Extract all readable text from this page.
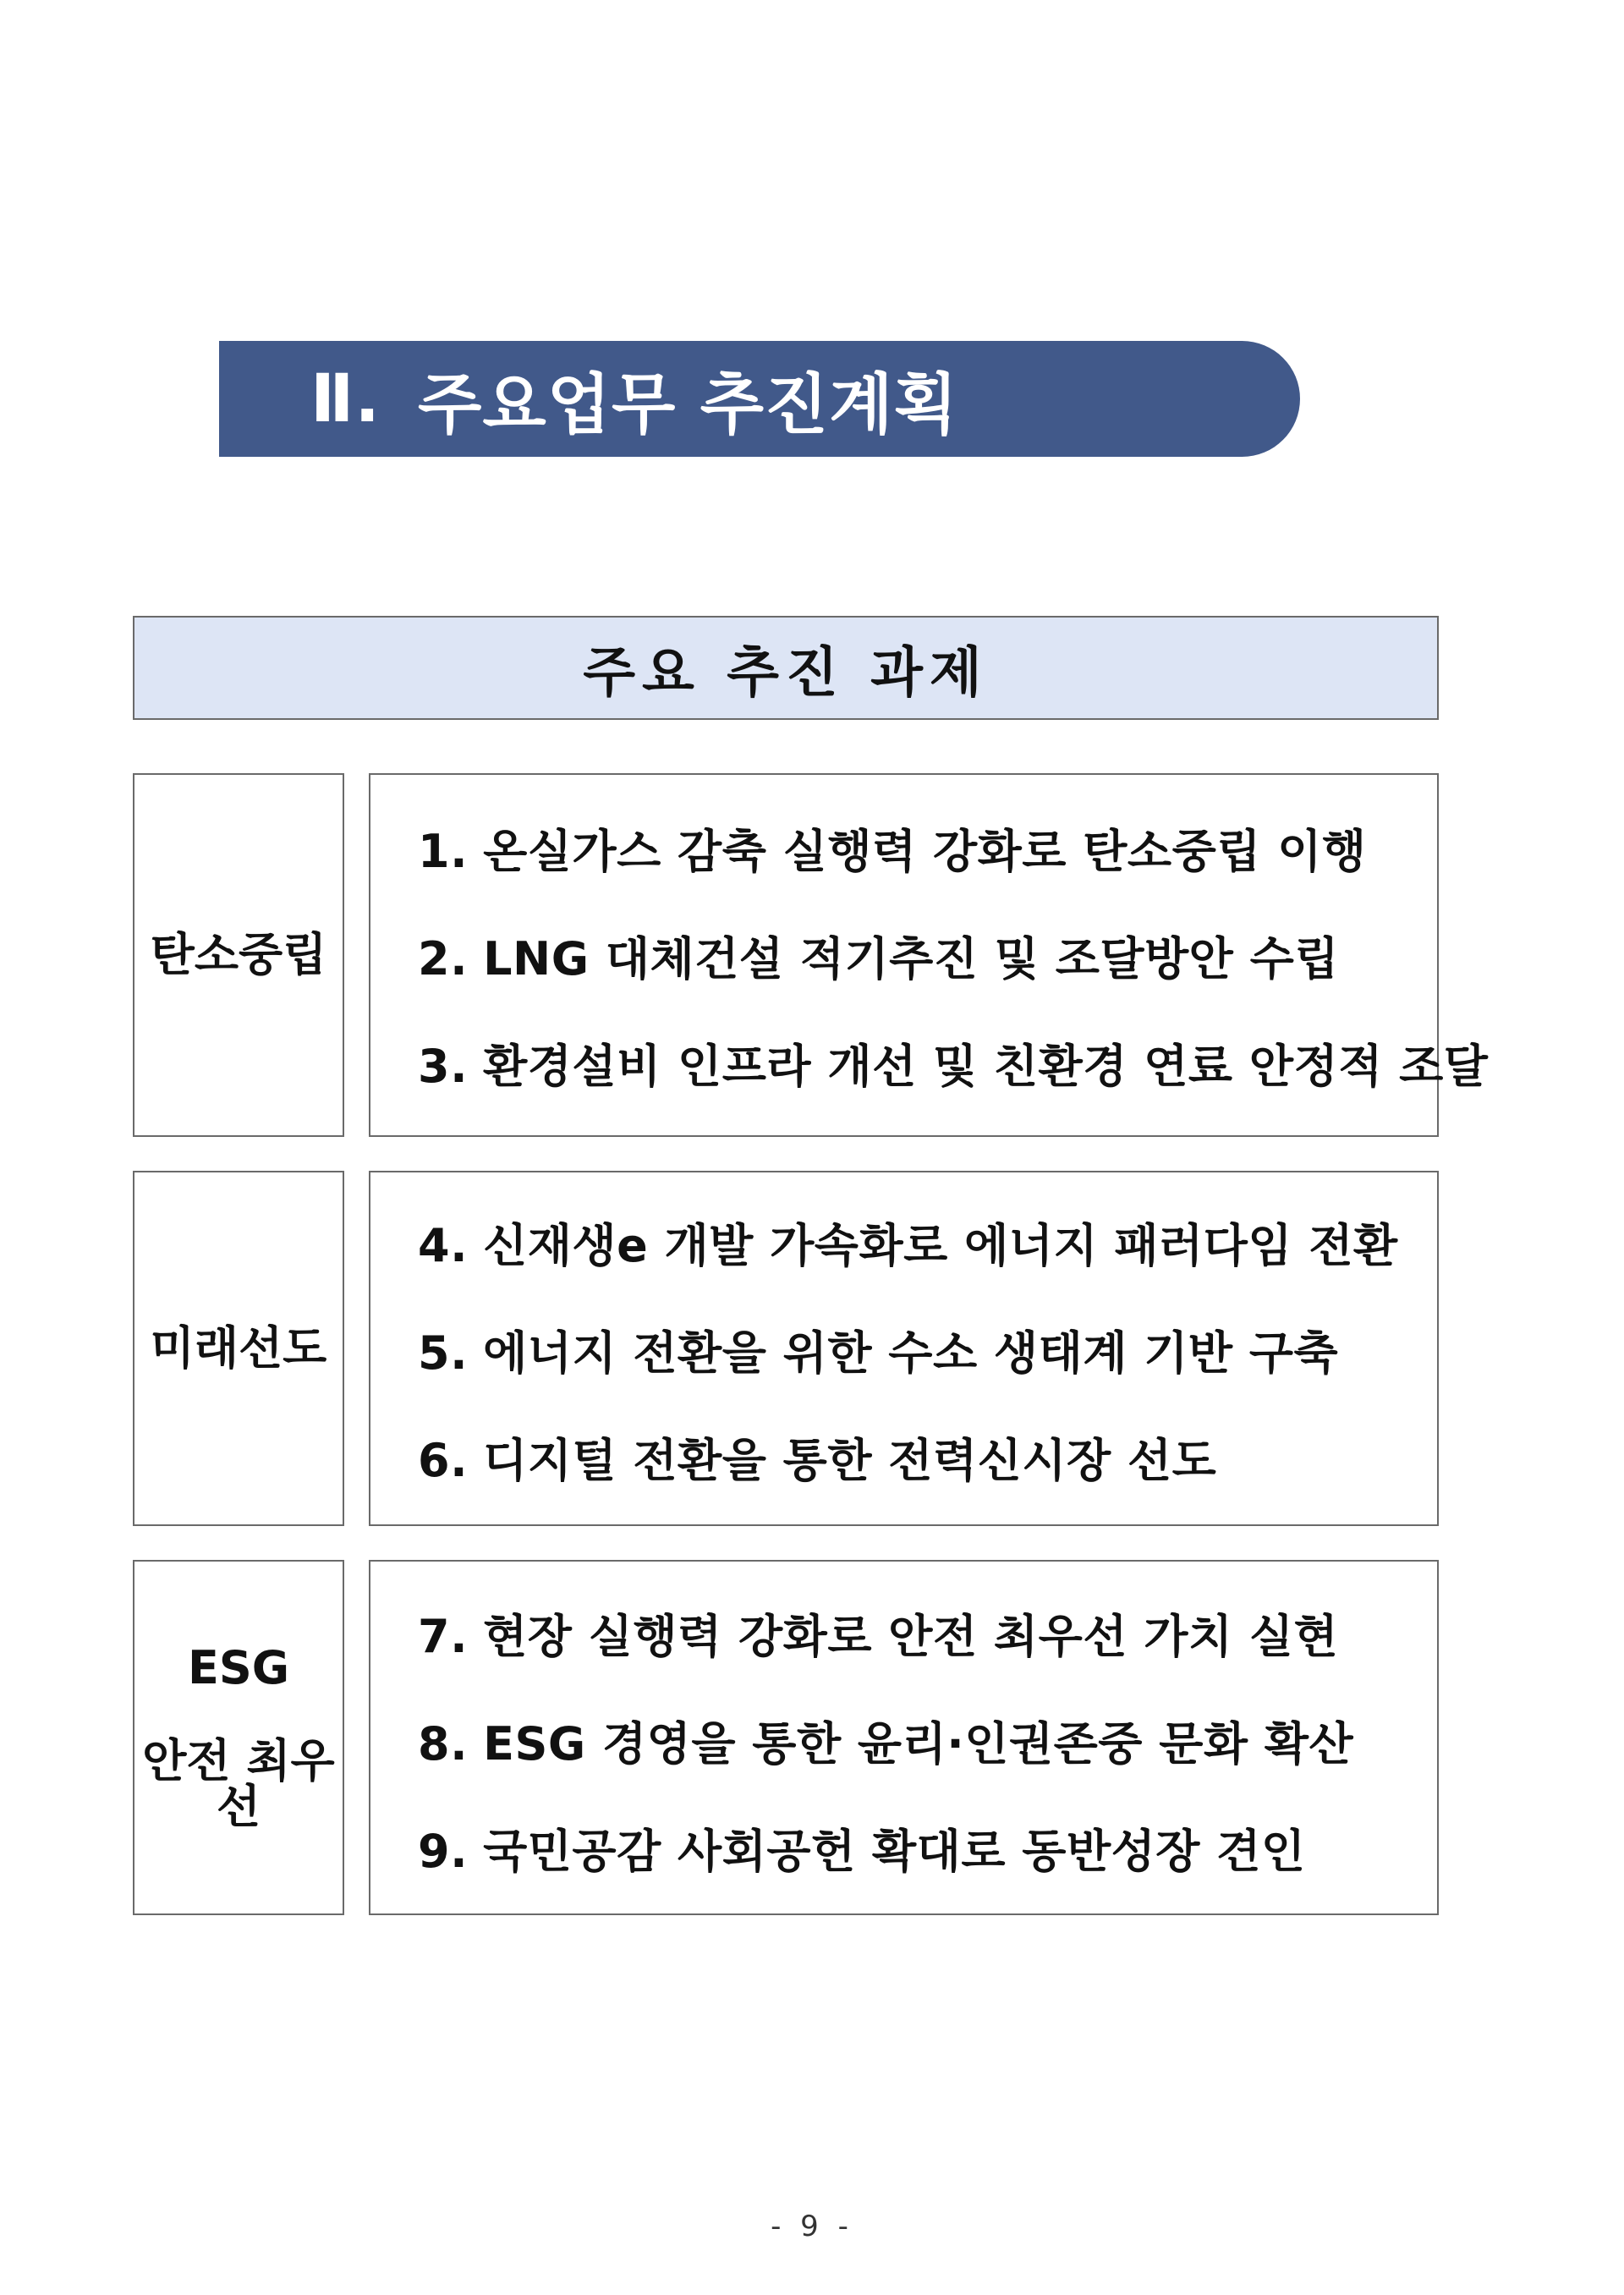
Ⅱ. 주요업무 추진계획
주요 추진 과제
탄소중립
1. 온실가스 감축 실행력 강화로 탄소중립 이행
2. LNG 대체건설 적기추진 및 조달방안 수립
3. 환경설비 인프라 개선 및 친환경 연료 안정적 조달
미래선도
4. 신재생e 개발 가속화로 에너지 패러다임 전환
5. 에너지 전환을 위한 수소 생태계 기반 구축
6. 디지털 전환을 통한 전력신시장 선도
ESG
안전 최우선
7. 현장 실행력 강화로 안전 최우선 가치 실현
8. ESG 경영을 통한 윤리·인권존중 문화 확산
9. 국민공감 사회공헌 확대로 동반성장 견인
- 9 -
